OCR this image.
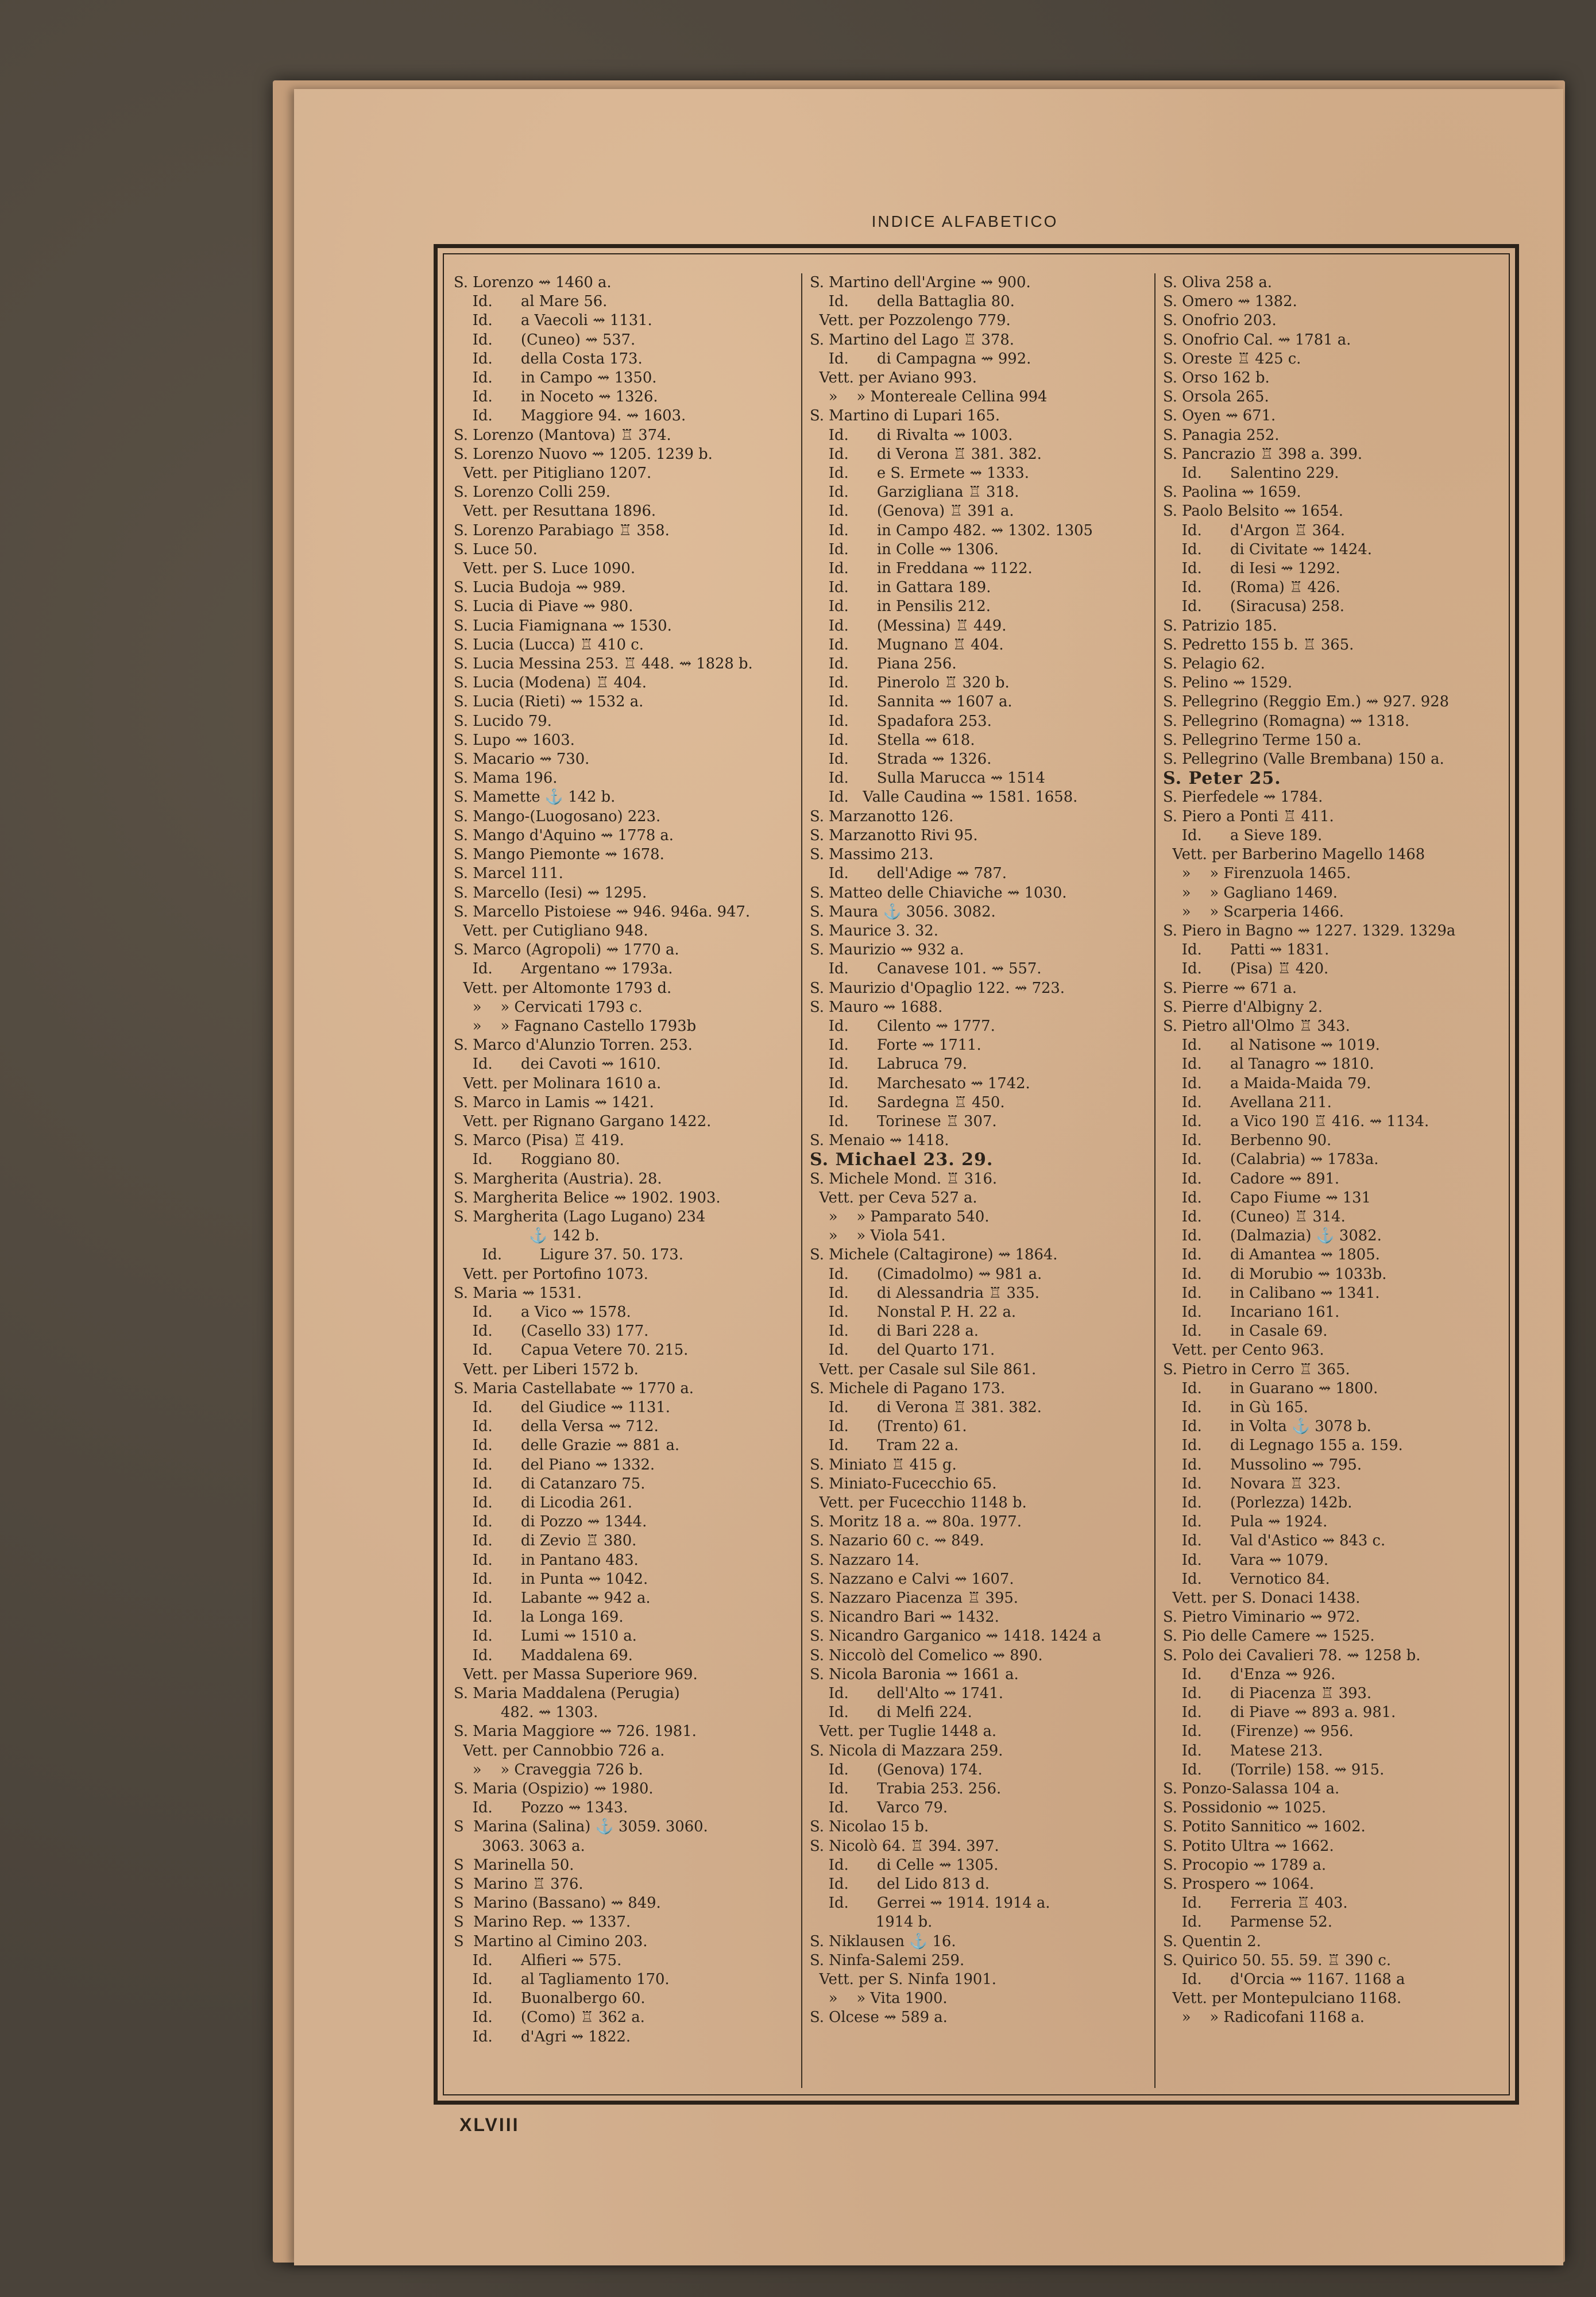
INDICE ALFABETICO
S. Lorenzo ⇝ 1460 a.
Id.      al Mare 56.
Id.      a Vaecoli ⇝ 1131.
Id.      (Cuneo) ⇝ 537.
Id.      della Costa 173.
Id.      in Campo ⇝ 1350.
Id.      in Noceto ⇝ 1326.
Id.      Maggiore 94. ⇝ 1603.
S. Lorenzo (Mantova) ♖ 374.
S. Lorenzo Nuovo ⇝ 1205. 1239 b.
Vett. per Pitigliano 1207.
S. Lorenzo Colli 259.
Vett. per Resuttana 1896.
S. Lorenzo Parabiago ♖ 358.
S. Luce 50.
Vett. per S. Luce 1090.
S. Lucia Budoja ⇝ 989.
S. Lucia di Piave ⇝ 980.
S. Lucia Fiamignana ⇝ 1530.
S. Lucia (Lucca) ♖ 410 c.
S. Lucia Messina 253. ♖ 448. ⇝ 1828 b.
S. Lucia (Modena) ♖ 404.
S. Lucia (Rieti) ⇝ 1532 a.
S. Lucido 79.
S. Lupo ⇝ 1603.
S. Macario ⇝ 730.
S. Mama 196.
S. Mamette ⚓ 142 b.
S. Mango-(Luogosano) 223.
S. Mango d'Aquino ⇝ 1778 a.
S. Mango Piemonte ⇝ 1678.
S. Marcel 111.
S. Marcello (Iesi) ⇝ 1295.
S. Marcello Pistoiese ⇝ 946. 946a. 947.
Vett. per Cutigliano 948.
S. Marco (Agropoli) ⇝ 1770 a.
Id.      Argentano ⇝ 1793a.
Vett. per Altomonte 1793 d.
»    » Cervicati 1793 c.
»    » Fagnano Castello 1793b
S. Marco d'Alunzio Torren. 253.
Id.      dei Cavoti ⇝ 1610.
Vett. per Molinara 1610 a.
S. Marco in Lamis ⇝ 1421.
Vett. per Rignano Gargano 1422.
S. Marco (Pisa) ♖ 419.
Id.      Roggiano 80.
S. Margherita (Austria). 28.
S. Margherita Belice ⇝ 1902. 1903.
S. Margherita (Lago Lugano) 234
⚓ 142 b.
Id.        Ligure 37. 50. 173.
Vett. per Portofino 1073.
S. Maria ⇝ 1531.
Id.      a Vico ⇝ 1578.
Id.      (Casello 33) 177.
Id.      Capua Vetere 70. 215.
Vett. per Liberi 1572 b.
S. Maria Castellabate ⇝ 1770 a.
Id.      del Giudice ⇝ 1131.
Id.      della Versa ⇝ 712.
Id.      delle Grazie ⇝ 881 a.
Id.      del Piano ⇝ 1332.
Id.      di Catanzaro 75.
Id.      di Licodia 261.
Id.      di Pozzo ⇝ 1344.
Id.      di Zevio ♖ 380.
Id.      in Pantano 483.
Id.      in Punta ⇝ 1042.
Id.      Labante ⇝ 942 a.
Id.      la Longa 169.
Id.      Lumi ⇝ 1510 a.
Id.      Maddalena 69.
Vett. per Massa Superiore 969.
S. Maria Maddalena (Perugia)
482. ⇝ 1303.
S. Maria Maggiore ⇝ 726. 1981.
Vett. per Cannobbio 726 a.
»    » Craveggia 726 b.
S. Maria (Ospizio) ⇝ 1980.
Id.      Pozzo ⇝ 1343.
S  Marina (Salina) ⚓ 3059. 3060.
3063. 3063 a.
S  Marinella 50.
S  Marino ♖ 376.
S  Marino (Bassano) ⇝ 849.
S  Marino Rep. ⇝ 1337.
S  Martino al Cimino 203.
Id.      Alfieri ⇝ 575.
Id.      al Tagliamento 170.
Id.      Buonalbergo 60.
Id.      (Como) ♖ 362 a.
Id.      d'Agri ⇝ 1822.
S. Martino dell'Argine ⇝ 900.
Id.      della Battaglia 80.
Vett. per Pozzolengo 779.
S. Martino del Lago ♖ 378.
Id.      di Campagna ⇝ 992.
Vett. per Aviano 993.
»    » Montereale Cellina 994
S. Martino di Lupari 165.
Id.      di Rivalta ⇝ 1003.
Id.      di Verona ♖ 381. 382.
Id.      e S. Ermete ⇝ 1333.
Id.      Garzigliana ♖ 318.
Id.      (Genova) ♖ 391 a.
Id.      in Campo 482. ⇝ 1302. 1305
Id.      in Colle ⇝ 1306.
Id.      in Freddana ⇝ 1122.
Id.      in Gattara 189.
Id.      in Pensilis 212.
Id.      (Messina) ♖ 449.
Id.      Mugnano ♖ 404.
Id.      Piana 256.
Id.      Pinerolo ♖ 320 b.
Id.      Sannita ⇝ 1607 a.
Id.      Spadafora 253.
Id.      Stella ⇝ 618.
Id.      Strada ⇝ 1326.
Id.      Sulla Marucca ⇝ 1514
Id.   Valle Caudina ⇝ 1581. 1658.
S. Marzanotto 126.
S. Marzanotto Rivi 95.
S. Massimo 213.
Id.      dell'Adige ⇝ 787.
S. Matteo delle Chiaviche ⇝ 1030.
S. Maura ⚓ 3056. 3082.
S. Maurice 3. 32.
S. Maurizio ⇝ 932 a.
Id.      Canavese 101. ⇝ 557.
S. Maurizio d'Opaglio 122. ⇝ 723.
S. Mauro ⇝ 1688.
Id.      Cilento ⇝ 1777.
Id.      Forte ⇝ 1711.
Id.      Labruca 79.
Id.      Marchesato ⇝ 1742.
Id.      Sardegna ♖ 450.
Id.      Torinese ♖ 307.
S. Menaio ⇝ 1418.
S. Michael 23. 29.
S. Michele Mond. ♖ 316.
Vett. per Ceva 527 a.
»    » Pamparato 540.
»    » Viola 541.
S. Michele (Caltagirone) ⇝ 1864.
Id.      (Cimadolmo) ⇝ 981 a.
Id.      di Alessandria ♖ 335.
Id.      Nonstal P. H. 22 a.
Id.      di Bari 228 a.
Id.      del Quarto 171.
Vett. per Casale sul Sile 861.
S. Michele di Pagano 173.
Id.      di Verona ♖ 381. 382.
Id.      (Trento) 61.
Id.      Tram 22 a.
S. Miniato ♖ 415 g.
S. Miniato-Fucecchio 65.
Vett. per Fucecchio 1148 b.
S. Moritz 18 a. ⇝ 80a. 1977.
S. Nazario 60 c. ⇝ 849.
S. Nazzaro 14.
S. Nazzano e Calvi ⇝ 1607.
S. Nazzaro Piacenza ♖ 395.
S. Nicandro Bari ⇝ 1432.
S. Nicandro Garganico ⇝ 1418. 1424 a
S. Niccolò del Comelico ⇝ 890.
S. Nicola Baronia ⇝ 1661 a.
Id.      dell'Alto ⇝ 1741.
Id.      di Melfi 224.
Vett. per Tuglie 1448 a.
S. Nicola di Mazzara 259.
Id.      (Genova) 174.
Id.      Trabia 253. 256.
Id.      Varco 79.
S. Nicolao 15 b.
S. Nicolò 64. ♖ 394. 397.
Id.      di Celle ⇝ 1305.
Id.      del Lido 813 d.
Id.      Gerrei ⇝ 1914. 1914 a.
1914 b.
S. Niklausen ⚓ 16.
S. Ninfa-Salemi 259.
Vett. per S. Ninfa 1901.
»    » Vita 1900.
S. Olcese ⇝ 589 a.
S. Oliva 258 a.
S. Omero ⇝ 1382.
S. Onofrio 203.
S. Onofrio Cal. ⇝ 1781 a.
S. Oreste ♖ 425 c.
S. Orso 162 b.
S. Orsola 265.
S. Oyen ⇝ 671.
S. Panagia 252.
S. Pancrazio ♖ 398 a. 399.
Id.      Salentino 229.
S. Paolina ⇝ 1659.
S. Paolo Belsito ⇝ 1654.
Id.      d'Argon ♖ 364.
Id.      di Civitate ⇝ 1424.
Id.      di Iesi ⇝ 1292.
Id.      (Roma) ♖ 426.
Id.      (Siracusa) 258.
S. Patrizio 185.
S. Pedretto 155 b. ♖ 365.
S. Pelagio 62.
S. Pelino ⇝ 1529.
S. Pellegrino (Reggio Em.) ⇝ 927. 928
S. Pellegrino (Romagna) ⇝ 1318.
S. Pellegrino Terme 150 a.
S. Pellegrino (Valle Brembana) 150 a.
S. Peter 25.
S. Pierfedele ⇝ 1784.
S. Piero a Ponti ♖ 411.
Id.      a Sieve 189.
Vett. per Barberino Magello 1468
»    » Firenzuola 1465.
»    » Gagliano 1469.
»    » Scarperia 1466.
S. Piero in Bagno ⇝ 1227. 1329. 1329a
Id.      Patti ⇝ 1831.
Id.      (Pisa) ♖ 420.
S. Pierre ⇝ 671 a.
S. Pierre d'Albigny 2.
S. Pietro all'Olmo ♖ 343.
Id.      al Natisone ⇝ 1019.
Id.      al Tanagro ⇝ 1810.
Id.      a Maida-Maida 79.
Id.      Avellana 211.
Id.      a Vico 190 ♖ 416. ⇝ 1134.
Id.      Berbenno 90.
Id.      (Calabria) ⇝ 1783a.
Id.      Cadore ⇝ 891.
Id.      Capo Fiume ⇝ 131
Id.      (Cuneo) ♖ 314.
Id.      (Dalmazia) ⚓ 3082.
Id.      di Amantea ⇝ 1805.
Id.      di Morubio ⇝ 1033b.
Id.      in Calibano ⇝ 1341.
Id.      Incariano 161.
Id.      in Casale 69.
Vett. per Cento 963.
S. Pietro in Cerro ♖ 365.
Id.      in Guarano ⇝ 1800.
Id.      in Gù 165.
Id.      in Volta ⚓ 3078 b.
Id.      di Legnago 155 a. 159.
Id.      Mussolino ⇝ 795.
Id.      Novara ♖ 323.
Id.      (Porlezza) 142b.
Id.      Pula ⇝ 1924.
Id.      Val d'Astico ⇝ 843 c.
Id.      Vara ⇝ 1079.
Id.      Vernotico 84.
Vett. per S. Donaci 1438.
S. Pietro Viminario ⇝ 972.
S. Pio delle Camere ⇝ 1525.
S. Polo dei Cavalieri 78. ⇝ 1258 b.
Id.      d'Enza ⇝ 926.
Id.      di Piacenza ♖ 393.
Id.      di Piave ⇝ 893 a. 981.
Id.      (Firenze) ⇝ 956.
Id.      Matese 213.
Id.      (Torrile) 158. ⇝ 915.
S. Ponzo-Salassa 104 a.
S. Possidonio ⇝ 1025.
S. Potito Sannitico ⇝ 1602.
S. Potito Ultra ⇝ 1662.
S. Procopio ⇝ 1789 a.
S. Prospero ⇝ 1064.
Id.      Ferreria ♖ 403.
Id.      Parmense 52.
S. Quentin 2.
S. Quirico 50. 55. 59. ♖ 390 c.
Id.      d'Orcia ⇝ 1167. 1168 a
Vett. per Montepulciano 1168.
»    » Radicofani 1168 a.
XLVIII
